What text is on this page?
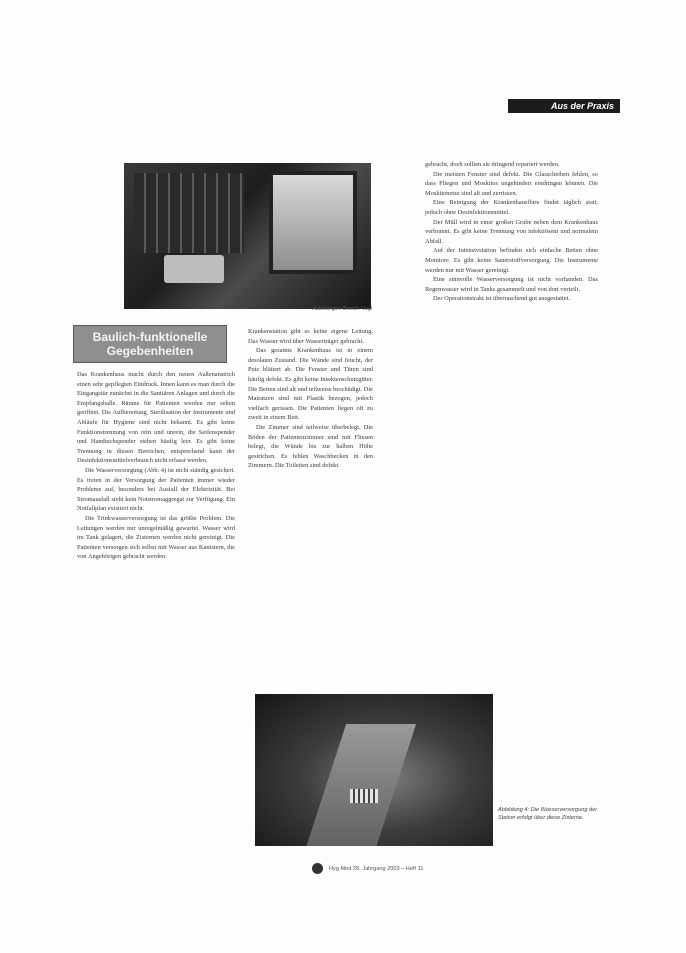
Aus der Praxis
Abbildungen: Brandt / Vogt
Baulich-funktionelle
Gegebenheiten

Das Krankenhaus macht durch den neuen Außenanstrich einen sehr gepflegten Eindruck. Innen kann es man durch die Eingangstür zunächst in die Sanitären Anlagen und durch die Empfangshalle. Räume für Patienten werden nur selten geöffnet. Die Aufbereitung, Sterilisation der Instrumente und Abläufe für Hygiene sind nicht bekannt. Es gibt keine Funktionstrennung von rein und unrein, die Seifenspender und Handtuchspender stehen häufig leer. Es gibt keine Trennung in diesen Bereichen, entsprechend kann der Desinfektionsmittelverbrauch nicht erfasst werden.

Die Wasserversorgung (Abb. 4) ist nicht ständig gesichert. Es treten in der Versorgung der Patienten immer wieder Probleme auf, besonders bei Ausfall der Elektrizität. Bei Stromausfall steht kein Notstromaggregat zur Verfügung. Ein Notfallplan existiert nicht.

Die Trinkwasserversorgung ist das größte Problem. Die Leitungen werden nur unregelmäßig gewartet. Wasser wird im Tank gelagert, die Zisternen werden nicht gereinigt. Die Patienten versorgen sich selbst mit Wasser aus Kanistern, die von Angehörigen gebracht werden.

Krankenstation gibt es keine eigene Leitung. Das Wasser wird über Wasserträger gebracht.

Das gesamte Krankenhaus ist in einem desolaten Zustand. Die Wände sind feucht, der Putz blättert ab. Die Fenster und Türen sind häufig defekt. Es gibt keine Insektenschutzgitter. Die Betten sind alt und teilweise beschädigt. Die Matratzen sind mit Plastik bezogen, jedoch vielfach gerissen. Die Patienten liegen oft zu zweit in einem Bett.

Die Zimmer sind teilweise überbelegt. Die Böden der Patientenzimmer sind mit Fliesen belegt, die Wände bis zur halben Höhe gestrichen. Es fehlen Waschbecken in den Zimmern. Die Toiletten sind defekt.

gebracht, doch sollten sie dringend repariert werden.

Die meisten Fenster sind defekt. Die Glasscheiben fehlen, so dass Fliegen und Moskitos ungehindert eindringen können. Die Moskitonetze sind alt und zerrissen.

Eine Reinigung der Krankenhausflure findet täglich statt, jedoch ohne Desinfektionsmittel.

Der Müll wird in einer großen Grube neben dem Krankenhaus verbrannt. Es gibt keine Trennung von infektiösem und normalem Abfall.

Auf der Intensivstation befinden sich einfache Betten ohne Monitore. Es gibt keine Sauerstoffversorgung. Die Instrumente werden nur mit Wasser gereinigt.

Eine sinnvolle Wasserversorgung ist nicht vorhanden. Das Regenwasser wird in Tanks gesammelt und von dort verteilt.

Der Operationstrakt ist überraschend gut ausgestattet.

Abbildung 4: Die Wasserversorgung der Station erfolgt über diese Zisterne.
Hyg Med 28. Jahrgang 2003 – Heft 11
